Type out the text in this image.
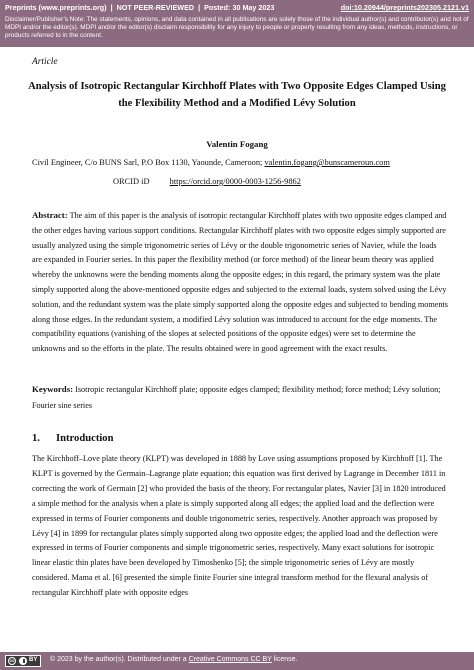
Preprints (www.preprints.org) | NOT PEER-REVIEWED | Posted: 30 May 2023	doi:10.20944/preprints202305.2121.v1
Disclaimer/Publisher’s Note: The statements, opinions, and data contained in all publications are solely those of the individual author(s) and contributor(s) and not of MDPI and/or the editor(s). MDPI and/or the editor(s) disclaim responsibility for any injury to people or property resulting from any ideas, methods, instructions, or products referred to in the content.
Article
Analysis of Isotropic Rectangular Kirchhoff Plates with Two Opposite Edges Clamped Using the Flexibility Method and a Modified Lévy Solution
Valentin Fogang
Civil Engineer, C/o BUNS Sarl, P.O Box 1130, Yaounde, Cameroon; valentin.fogang@bunscameroun.com
ORCID iD https://orcid.org/0000-0003-1256-9862
Abstract: The aim of this paper is the analysis of isotropic rectangular Kirchhoff plates with two opposite edges clamped and the other edges having various support conditions. Rectangular Kirchhoff plates with two opposite edges simply supported are usually analyzed using the simple trigonometric series of Lévy or the double trigonometric series of Navier, while the loads are expanded in Fourier series. In this paper the flexibility method (or force method) of the linear beam theory was applied whereby the unknowns were the bending moments along the opposite edges; in this regard, the primary system was the plate simply supported along the above-mentioned opposite edges and subjected to the external loads, system solved using the Lévy solution, and the redundant system was the plate simply supported along the opposite edges and subjected to bending moments along those edges. In the redundant system, a modified Lévy solution was introduced to account for the edge moments. The compatibility equations (vanishing of the slopes at selected positions of the opposite edges) were set to determine the unknowns and so the efforts in the plate. The results obtained were in good agreement with the exact results.
Keywords: Isotropic rectangular Kirchhoff plate; opposite edges clamped; flexibility method; force method; Lévy solution; Fourier sine series
1. Introduction
The Kirchhoff–Love plate theory (KLPT) was developed in 1888 by Love using assumptions proposed by Kirchhoff [1]. The KLPT is governed by the Germain–Lagrange plate equation; this equation was first derived by Lagrange in December 1811 in correcting the work of Germain [2] who provided the basis of the theory. For rectangular plates, Navier [3] in 1820 introduced a simple method for the analysis when a plate is simply supported along all edges; the applied load and the deflection were expressed in terms of Fourier components and double trigonometric series, respectively. Another approach was proposed by Lévy [4] in 1899 for rectangular plates simply supported along two opposite edges; the applied load and the deflection were expressed in terms of Fourier components and simple trigonometric series, respectively. Many exact solutions for isotropic linear elastic thin plates have been developed by Timoshenko [5]; the simple trigonometric series of Lévy are mostly considered. Mama et al. [6] presented the simple finite Fourier sine integral transform method for the flexural analysis of rectangular Kirchhoff plate with opposite edges
cc BY © 2023 by the author(s). Distributed under a Creative Commons CC BY license.
